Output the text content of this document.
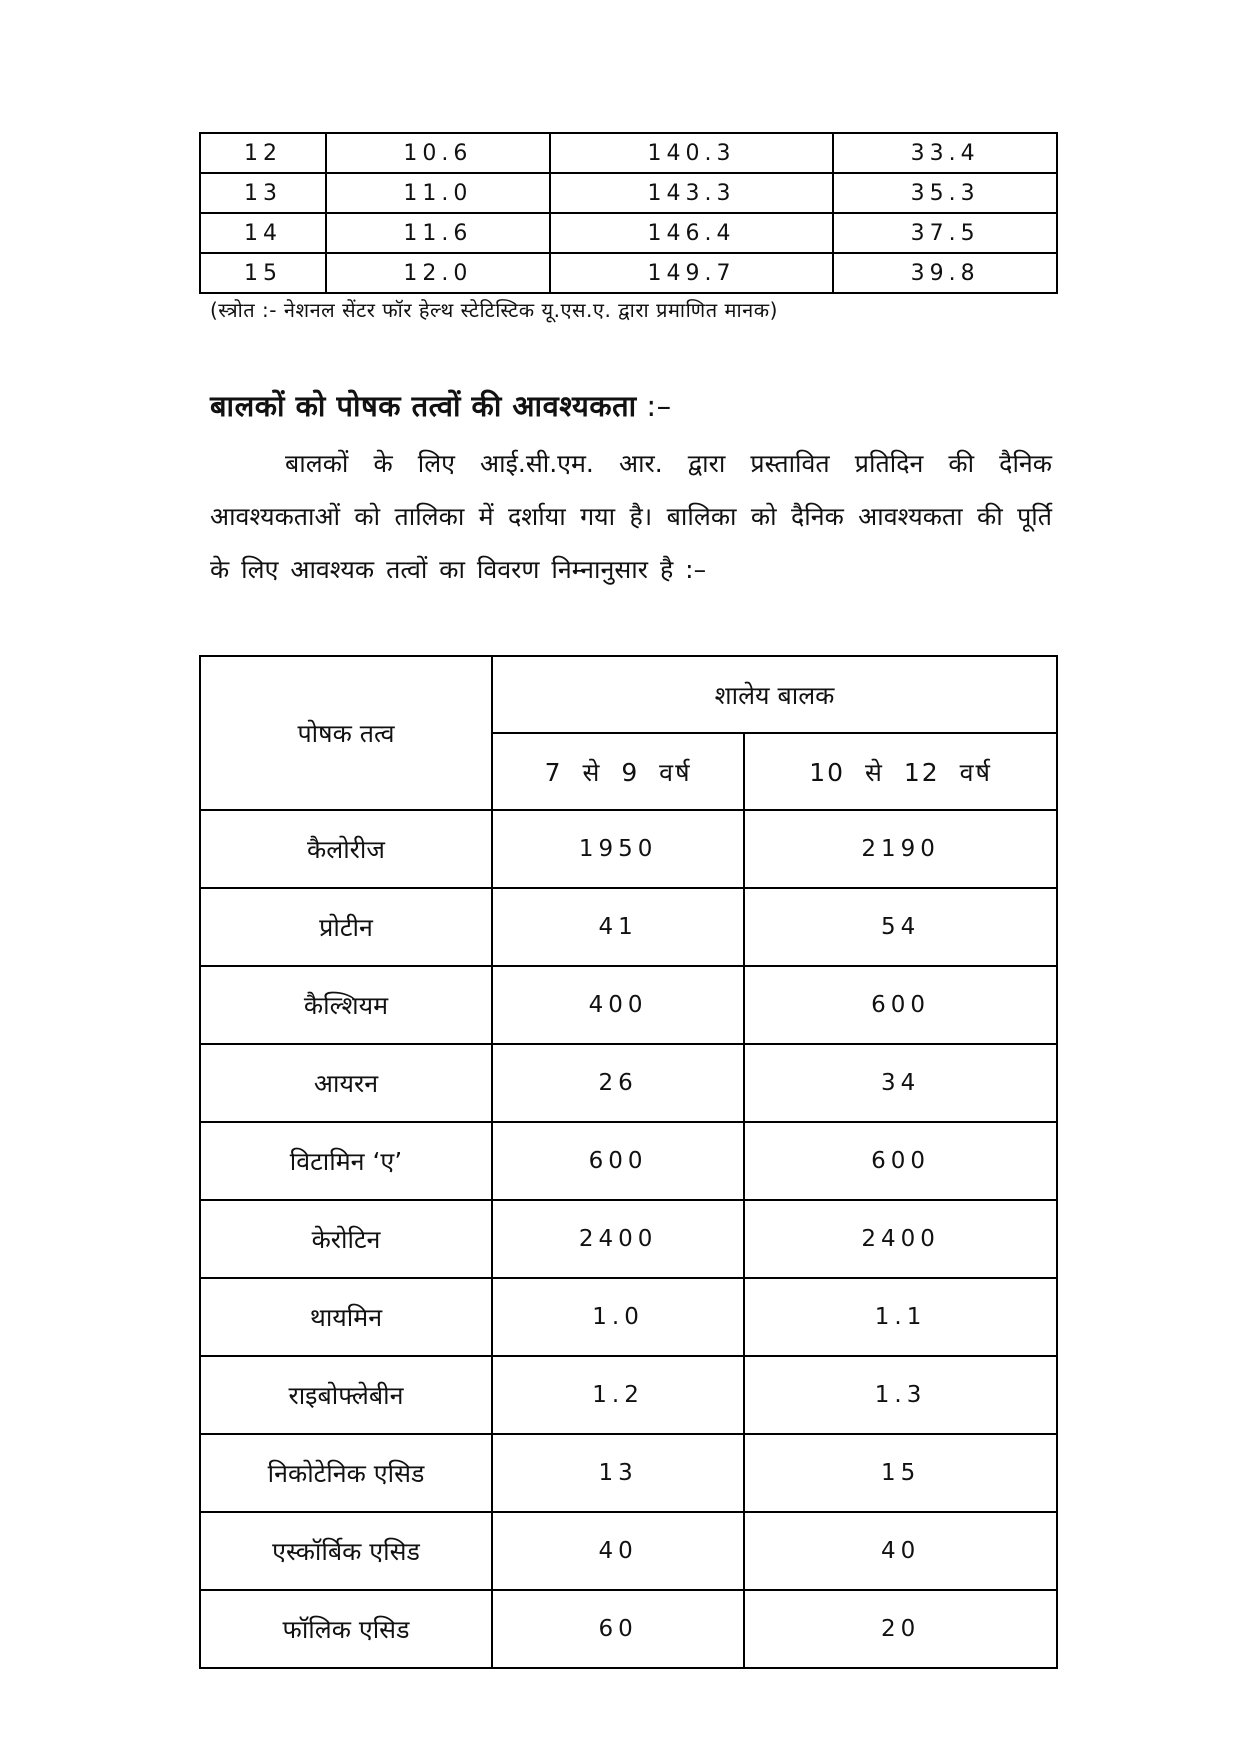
12	10.6	140.3	33.4
13	11.0	143.3	35.3
14	11.6	146.4	37.5
15	12.0	149.7	39.8
(स्त्रोत :- नेशनल सेंटर फॉर हेल्थ स्टेटिस्टिक यू.एस.ए. द्वारा प्रमाणित मानक)
बालकों को पोषक तत्वों की आवश्यकता :–
बालकों के लिए आई.सी.एम. आर. द्वारा प्रस्तावित प्रतिदिन की दैनिक आवश्यकताओं को तालिका में दर्शाया गया है। बालिका को दैनिक आवश्यकता की पूर्ति के लिए आवश्यक तत्वों का विवरण निम्नानुसार है :–
पोषक तत्व	शालेय बालक	
	7 से 9 वर्ष	10 से 12 वर्ष
कैलोरीज	1950	2190
प्रोटीन	41	54
कैल्शियम	400	600
आयरन	26	34
विटामिन ‘ए’	600	600
केरोटिन	2400	2400
थायमिन	1.0	1.1
राइबोफ्लेबीन	1.2	1.3
निकोटेनिक एसिड	13	15
एस्कॉर्बिक एसिड	40	40
फॉलिक एसिड	60	20
